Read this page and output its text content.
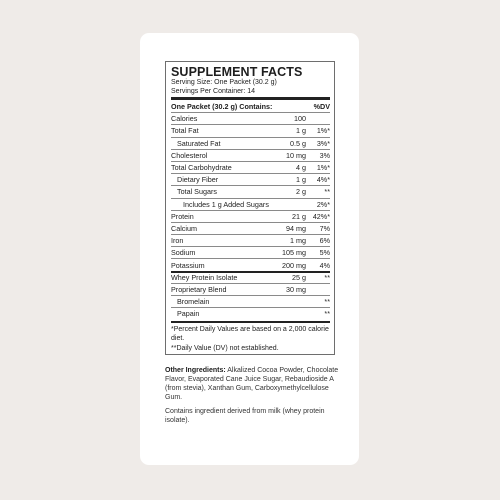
SUPPLEMENT FACTS
Serving Size: One Packet (30.2 g)
Servings Per Container: 14
One Packet (30.2 g) Contains:	%DV
Calories	100
Total Fat	1 g	1%*
Saturated Fat	0.5 g	3%*
Cholesterol	10 mg	3%
Total Carbohydrate	4 g	1%*
Dietary Fiber	1 g	4%*
Total Sugars	2 g	**
Includes 1 g Added Sugars	2%*
Protein	21 g 42%*
Calcium	94 mg	7%
Iron	1 mg	6%
Sodium	105 mg	5%
Potassium	200 mg	4%
Whey Protein Isolate	25 g	**
Proprietary Blend	30 mg
Bromelain	**
Papain	**

*Percent Daily Values are based on a 2,000 calorie diet.

**Daily Value (DV) not established.

Other Ingredients: Alkalized Cocoa Powder, Chocolate Flavor, Evaporated Cane Juice Sugar, Rebaudioside A (from stevia), Xanthan Gum, Carboxymethylcellulose Gum.

Contains ingredient derived from milk (whey protein isolate).
